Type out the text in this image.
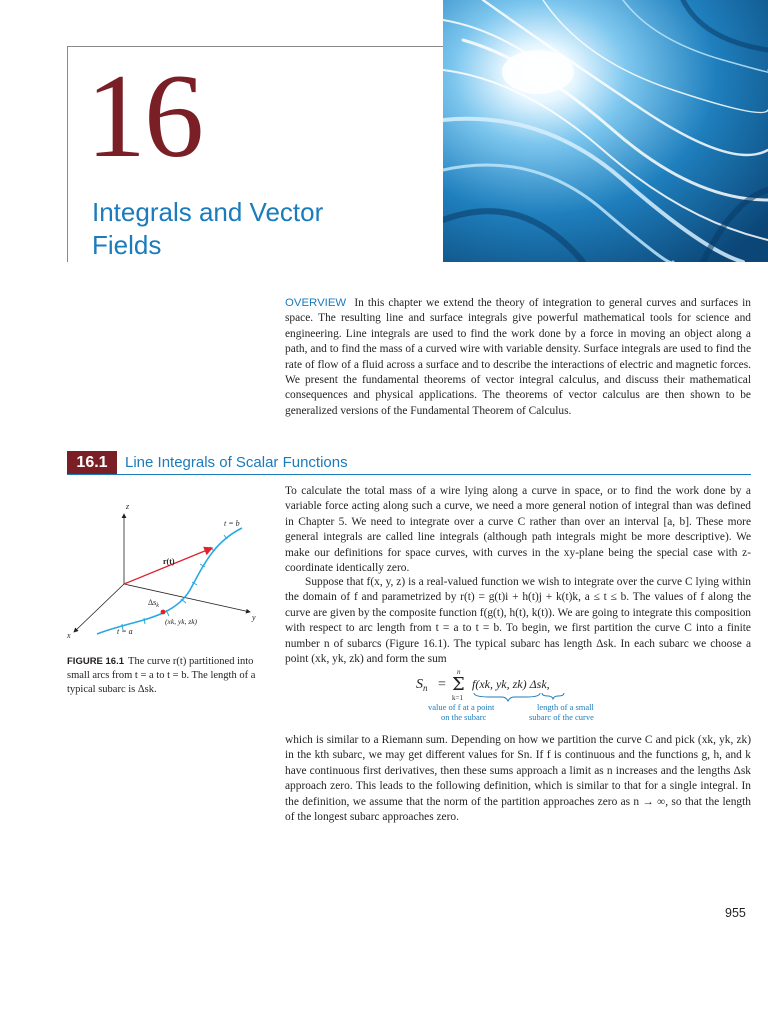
16
Integrals and Vector Fields
OVERVIEW In this chapter we extend the theory of integration to general curves and surfaces in space. The resulting line and surface integrals give powerful mathematical tools for science and engineering. Line integrals are used to find the work done by a force in moving an object along a path, and to find the mass of a curved wire with variable density. Surface integrals are used to find the rate of flow of a fluid across a surface and to describe the interactions of electric and magnetic forces. We present the fundamental theorems of vector integral calculus, and discuss their mathematical consequences and physical applications. The theorems of vector calculus are then shown to be generalized versions of the Fundamental Theorem of Calculus.
16.1	Line Integrals of Scalar Functions
z
y
x
t = b
t = a
r(t)
$\Delta s_k$
(xk, yk, zk)
FIGURE 16.1 The curve r(t) partitioned into small arcs from t = a to t = b. The length of a typical subarc is Δsk.
To calculate the total mass of a wire lying along a curve in space, or to find the work done by a variable force acting along such a curve, we need a more general notion of integral than was defined in Chapter 5. We need to integrate over a curve C rather than over an interval [a, b]. These more general integrals are called line integrals (although path integrals might be more descriptive). We make our definitions for space curves, with curves in the xy-plane being the special case with z-coordinate identically zero.
Suppose that f(x, y, z) is a real-valued function we wish to integrate over the curve C lying within the domain of f and parametrized by r(t) = g(t)i + h(t)j + k(t)k, a ≤ t ≤ b. The values of f along the curve are given by the composite function f(g(t), h(t), k(t)). We are going to integrate this composition with respect to arc length from t = a to t = b. To begin, we first partition the curve C into a finite number n of subarcs (Figure 16.1). The typical subarc has length Δsk. In each subarc we choose a point (xk, yk, zk) and form the sum
$S_n$ =
n
Σ
k=1
f(xk, yk, zk) Δsk,
value of f at a point
on the subarc
length of a small
subarc of the curve
which is similar to a Riemann sum. Depending on how we partition the curve C and pick (xk, yk, zk) in the kth subarc, we may get different values for Sn. If f is continuous and the functions g, h, and k have continuous first derivatives, then these sums approach a limit as n increases and the lengths Δsk approach zero. This leads to the following definition, which is similar to that for a single integral. In the definition, we assume that the norm of the partition approaches zero as n → ∞, so that the length of the longest subarc approaches zero.
955
